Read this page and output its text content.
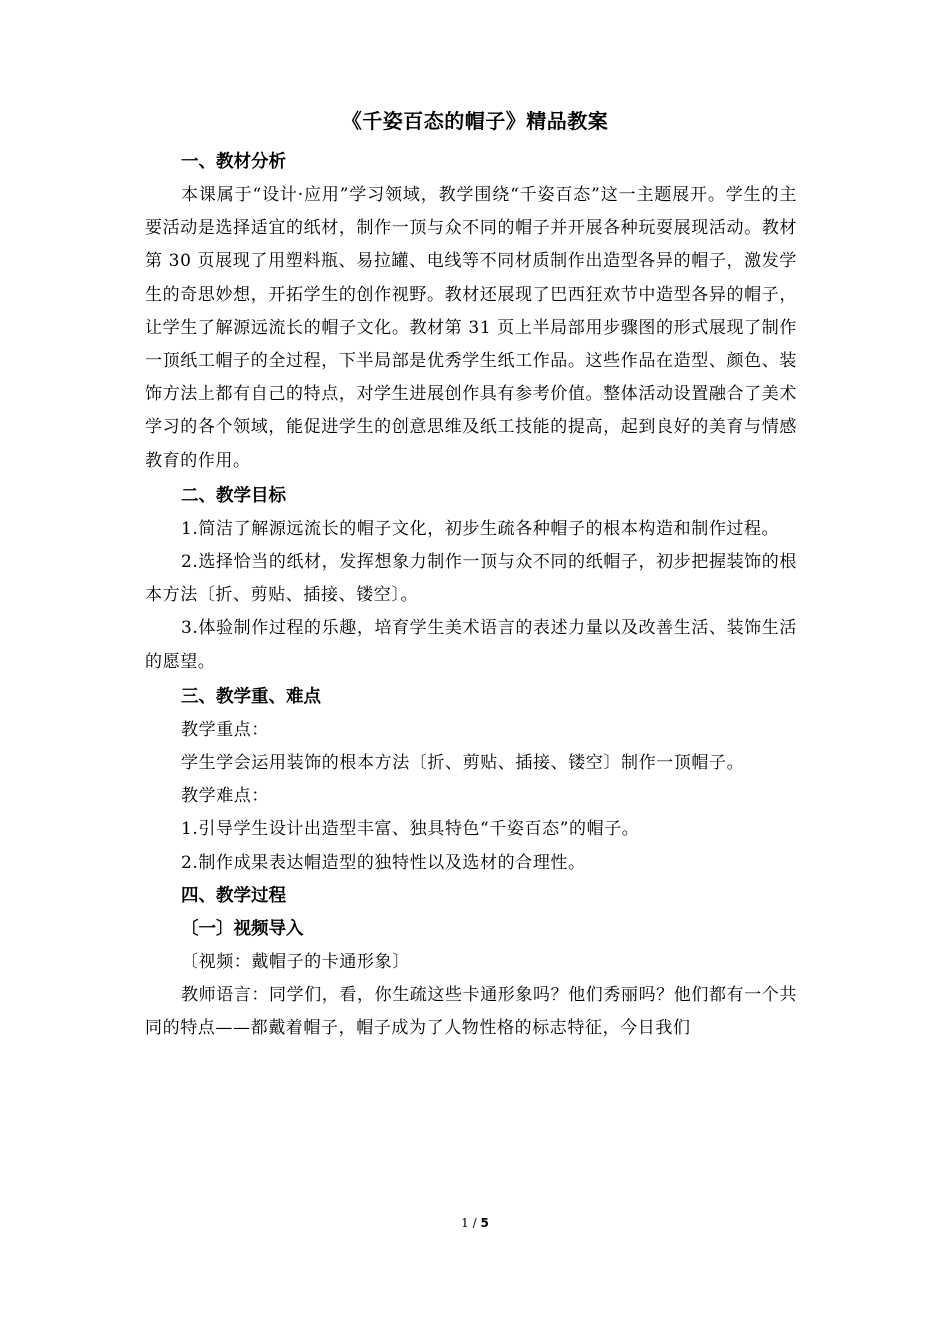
《千姿百态的帽子》精品教案

一、教材分析

本课属于“设计·应用”学习领域，教学围绕“千姿百态”这一主题展开。学生的主要活动是选择适宜的纸材，制作一顶与众不同的帽子并开展各种玩耍展现活动。教材第 30 页展现了用塑料瓶、易拉罐、电线等不同材质制作出造型各异的帽子，激发学生的奇思妙想，开拓学生的创作视野。教材还展现了巴西狂欢节中造型各异的帽子，让学生了解源远流长的帽子文化。教材第 31 页上半局部用步骤图的形式展现了制作一顶纸工帽子的全过程，下半局部是优秀学生纸工作品。这些作品在造型、颜色、装饰方法上都有自己的特点，对学生进展创作具有参考价值。整体活动设置融合了美术学习的各个领域，能促进学生的创意思维及纸工技能的提高，起到良好的美育与情感教育的作用。

二、教学目标

1.简洁了解源远流长的帽子文化，初步生疏各种帽子的根本构造和制作过程。

2.选择恰当的纸材，发挥想象力制作一顶与众不同的纸帽子，初步把握装饰的根本方法〔折、剪贴、插接、镂空〕。

3.体验制作过程的乐趣，培育学生美术语言的表述力量以及改善生活、装饰生活的愿望。

三、教学重、难点

教学重点：

学生学会运用装饰的根本方法〔折、剪贴、插接、镂空〕制作一顶帽子。

教学难点：

1.引导学生设计出造型丰富、独具特色“千姿百态”的帽子。

2.制作成果表达帽造型的独特性以及选材的合理性。

四、教学过程

〔一〕视频导入

〔视频：戴帽子的卡通形象〕

教师语言：同学们，看，你生疏这些卡通形象吗？他们秀丽吗？他们都有一个共同的特点——都戴着帽子，帽子成为了人物性格的标志特征，今日我们

1 / 5
